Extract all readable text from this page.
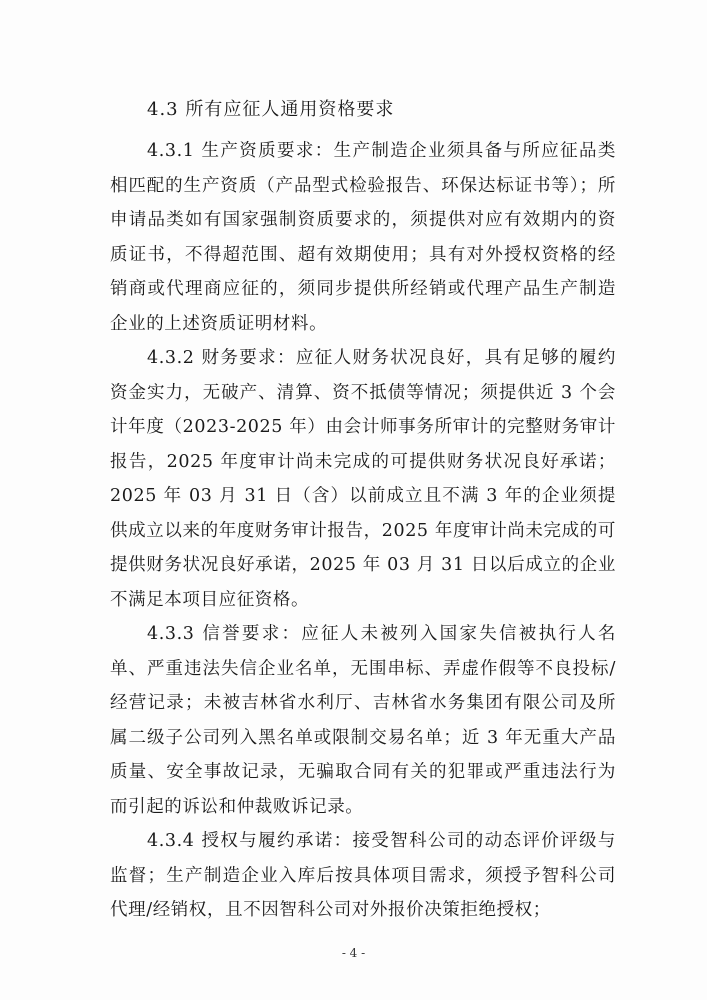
4.3 所有应征人通用资格要求

4.3.1 生产资质要求：生产制造企业须具备与所应征品类相匹配的生产资质（产品型式检验报告、环保达标证书等）；所申请品类如有国家强制资质要求的，须提供对应有效期内的资质证书，不得超范围、超有效期使用；具有对外授权资格的经销商或代理商应征的，须同步提供所经销或代理产品生产制造企业的上述资质证明材料。

4.3.2 财务要求：应征人财务状况良好，具有足够的履约资金实力，无破产、清算、资不抵债等情况；须提供近 3 个会计年度（2023-2025 年）由会计师事务所审计的完整财务审计报告，2025 年度审计尚未完成的可提供财务状况良好承诺；2025 年 03 月 31 日（含）以前成立且不满 3 年的企业须提供成立以来的年度财务审计报告，2025 年度审计尚未完成的可提供财务状况良好承诺，2025 年 03 月 31 日以后成立的企业不满足本项目应征资格。

4.3.3 信誉要求：应征人未被列入国家失信被执行人名单、严重违法失信企业名单，无围串标、弄虚作假等不良投标/经营记录；未被吉林省水利厅、吉林省水务集团有限公司及所属二级子公司列入黑名单或限制交易名单；近 3 年无重大产品质量、安全事故记录，无骗取合同有关的犯罪或严重违法行为而引起的诉讼和仲裁败诉记录。

4.3.4 授权与履约承诺：接受智科公司的动态评价评级与监督；生产制造企业入库后按具体项目需求，须授予智科公司代理/经销权，且不因智科公司对外报价决策拒绝授权；

- 4 -
